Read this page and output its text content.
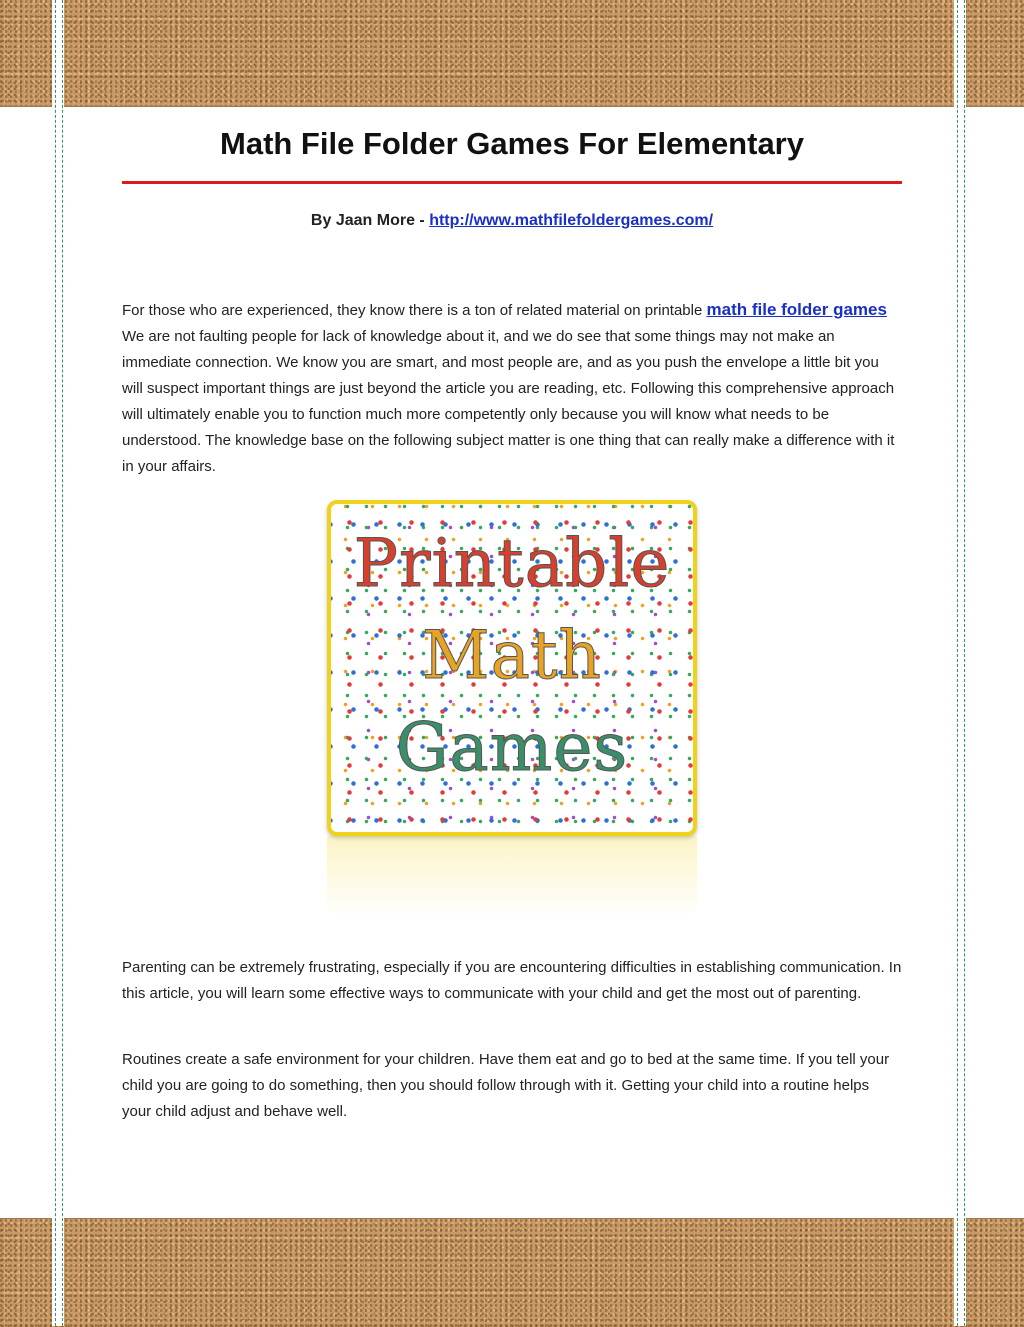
Math File Folder Games For Elementary
By Jaan More - http://www.mathfilefoldergames.com/

For those who are experienced, they know there is a ton of related material on printable math file folder games We are not faulting people for lack of knowledge about it, and we do see that some things may not make an immediate connection. We know you are smart, and most people are, and as you push the envelope a little bit you will suspect important things are just beyond the article you are reading, etc. Following this comprehensive approach will ultimately enable you to function much more competently only because you will know what needs to be understood. The knowledge base on the following subject matter is one thing that can really make a difference with it in your affairs.

Printable
Math
Games

Parenting can be extremely frustrating, especially if you are encountering difficulties in establishing communication. In this article, you will learn some effective ways to communicate with your child and get the most out of parenting.

Routines create a safe environment for your children. Have them eat and go to bed at the same time. If you tell your child you are going to do something, then you should follow through with it. Getting your child into a routine helps your child adjust and behave well.
